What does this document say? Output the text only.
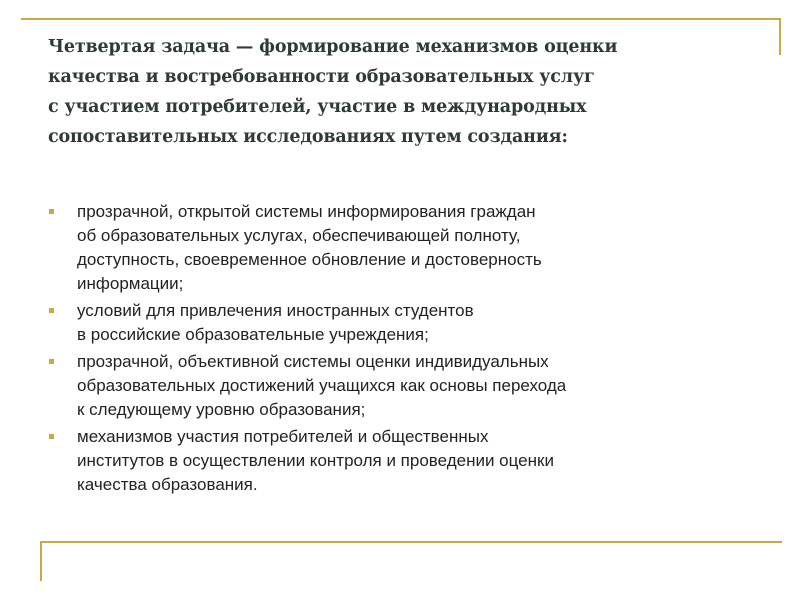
Четвертая задача — формирование механизмов оценки
качества и востребованности образовательных услуг
с участием потребителей, участие в международных
сопоставительных исследованиях путем создания:
прозрачной, открытой системы информирования граждан
об образовательных услугах, обеспечивающей полноту,
доступность, своевременное обновление и достоверность
информации;
условий для привлечения иностранных студентов
в российские образовательные учреждения;
прозрачной, объективной системы оценки индивидуальных
образовательных достижений учащихся как основы перехода
к следующему уровню образования;
механизмов участия потребителей и общественных
институтов в осуществлении контроля и проведении оценки
качества образования.
